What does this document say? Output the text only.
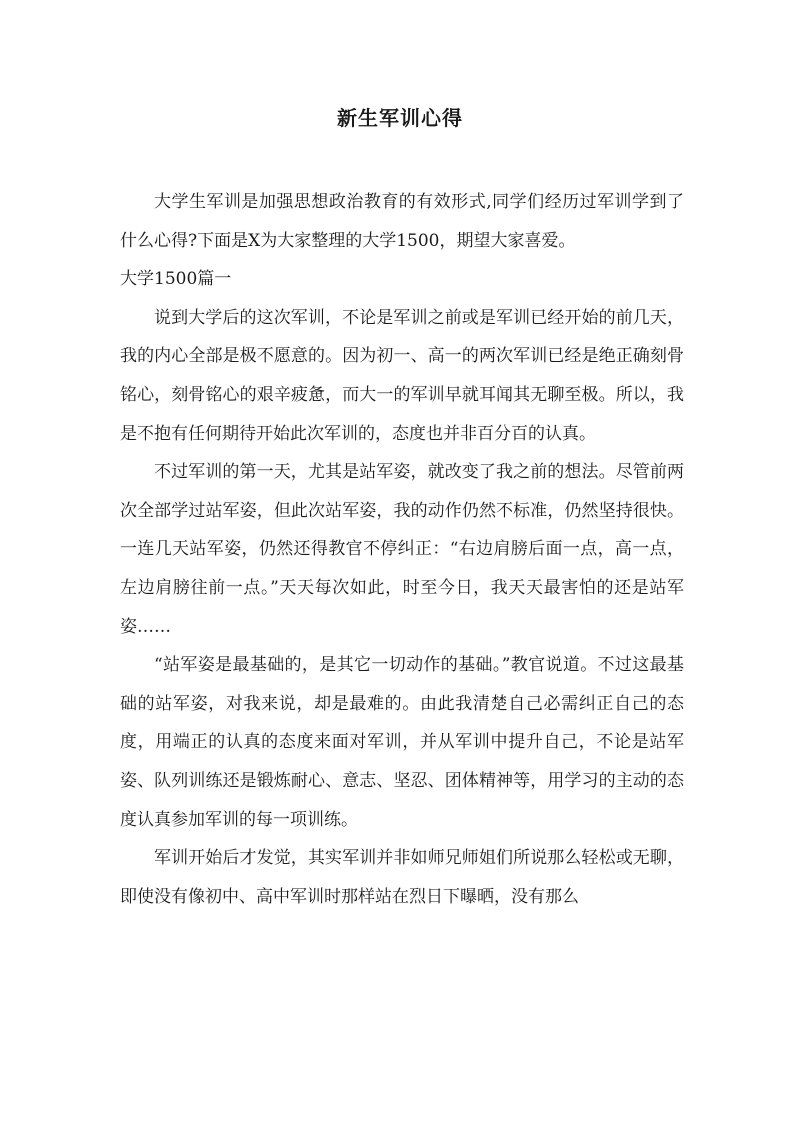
新生军训心得

大学生军训是加强思想政治教育的有效形式,同学们经历过军训学到了什么心得?下面是X为大家整理的大学1500，期望大家喜爱。

大学1500篇一

说到大学后的这次军训，不论是军训之前或是军训已经开始的前几天，我的内心全部是极不愿意的。因为初一、高一的两次军训已经是绝正确刻骨铭心，刻骨铭心的艰辛疲惫，而大一的军训早就耳闻其无聊至极。所以，我是不抱有任何期待开始此次军训的，态度也并非百分百的认真。

不过军训的第一天，尤其是站军姿，就改变了我之前的想法。尽管前两次全部学过站军姿，但此次站军姿，我的动作仍然不标准，仍然坚持很快。一连几天站军姿，仍然还得教官不停纠正：“右边肩膀后面一点，高一点，左边肩膀往前一点。”天天每次如此，时至今日，我天天最害怕的还是站军姿……

“站军姿是最基础的，是其它一切动作的基础。”教官说道。不过这最基础的站军姿，对我来说，却是最难的。由此我清楚自己必需纠正自己的态度，用端正的认真的态度来面对军训，并从军训中提升自己，不论是站军姿、队列训练还是锻炼耐心、意志、坚忍、团体精神等，用学习的主动的态度认真参加军训的每一项训练。

军训开始后才发觉，其实军训并非如师兄师姐们所说那么轻松或无聊，即使没有像初中、高中军训时那样站在烈日下曝晒，没有那么
